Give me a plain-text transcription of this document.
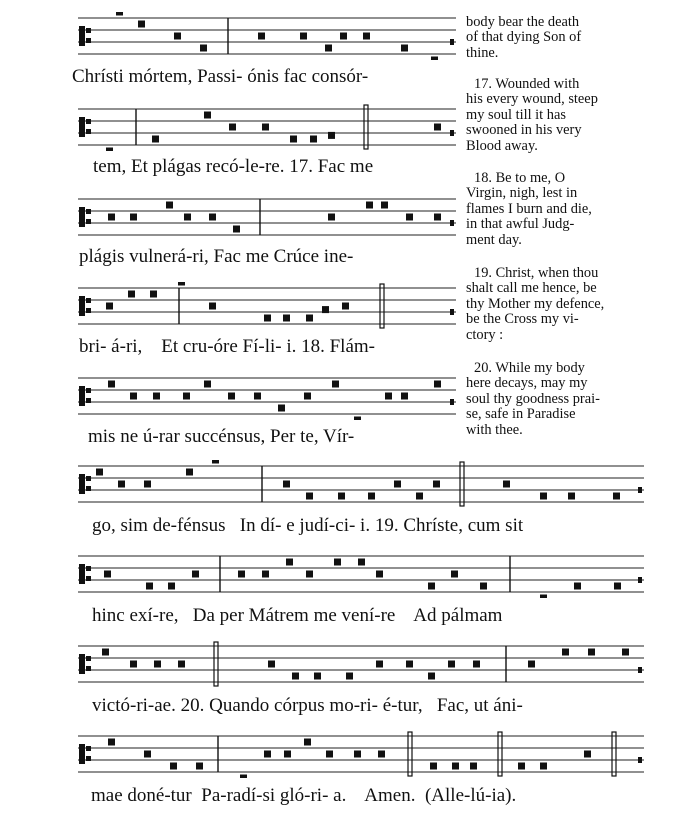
Chrísti mórtem, Passi- ónis fac consór-
tem, Et plágas recó-le-re. 17. Fac me
plágis vulnerá-ri, Fac me Crúce ine-
bri- á-ri,    Et cru-óre Fí-li- i. 18. Flám-
mis ne ú-rar succénsus, Per te, Vír-
go, sim de-fénsus   In dí- e judí-ci- i. 19. Chríste, cum sit
hinc exí-re,   Da per Mátrem me vení-re    Ad pálmam
victó-ri-ae. 20. Quando córpus mo-ri- é-tur,   Fac, ut áni-
mae doné-tur  Pa-radí-si gló-ri- a.    Amen.  (Alle-lú-ia).
body bear the death
of that dying Son of
thine.
17. Wounded with
his every wound, steep
my soul till it has
swooned in his very
Blood away.
18. Be to me, O
Virgin, nigh, lest in
flames I burn and die,
in that awful Judg-
ment day.
19. Christ, when thou
shalt call me hence, be
thy Mother my defence,
be the Cross my vi-
ctory :
20. While my body
here decays, may my
soul thy goodness prai-
se, safe in Paradise
with thee.
